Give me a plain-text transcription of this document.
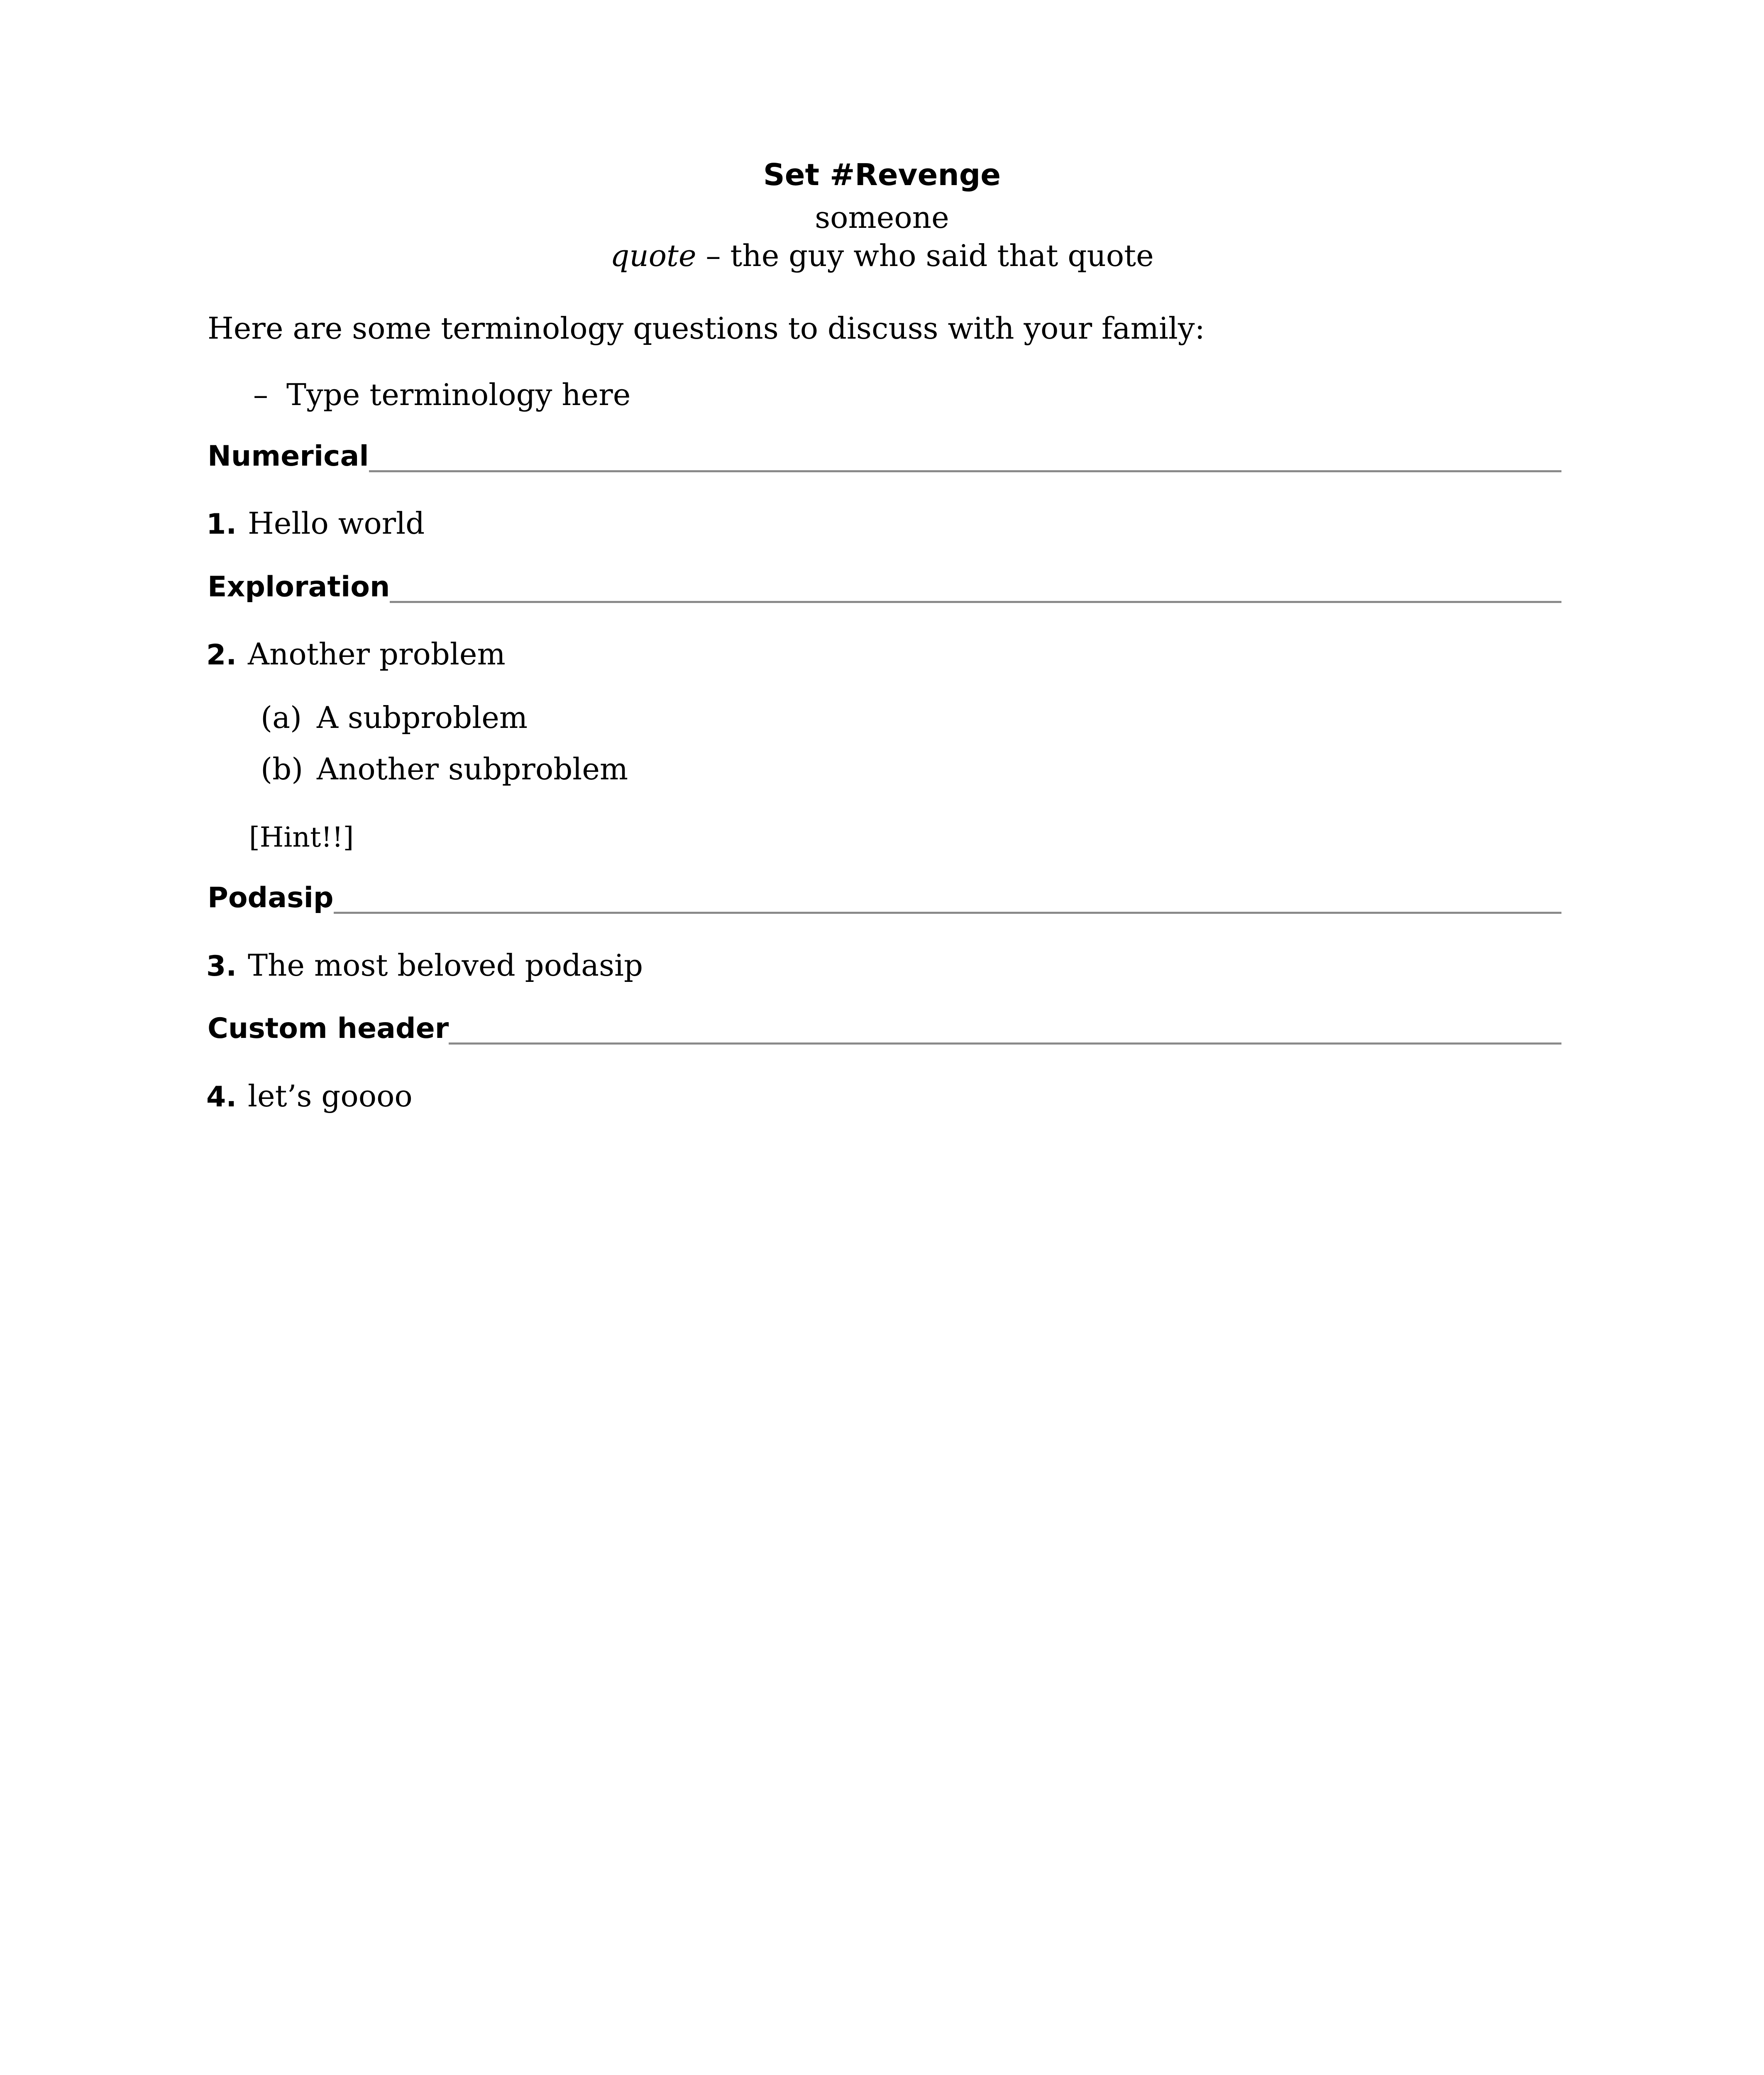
Set #Revenge
someone
quote – the guy who said that quote
Here are some terminology questions to discuss with your family:
– Type terminology here
Numerical
1. Hello world
Exploration
2. Another problem
(a) A subproblem
(b) Another subproblem
[Hint!!]
Podasip
3. The most beloved podasip
Custom header
4. let’s goooo
